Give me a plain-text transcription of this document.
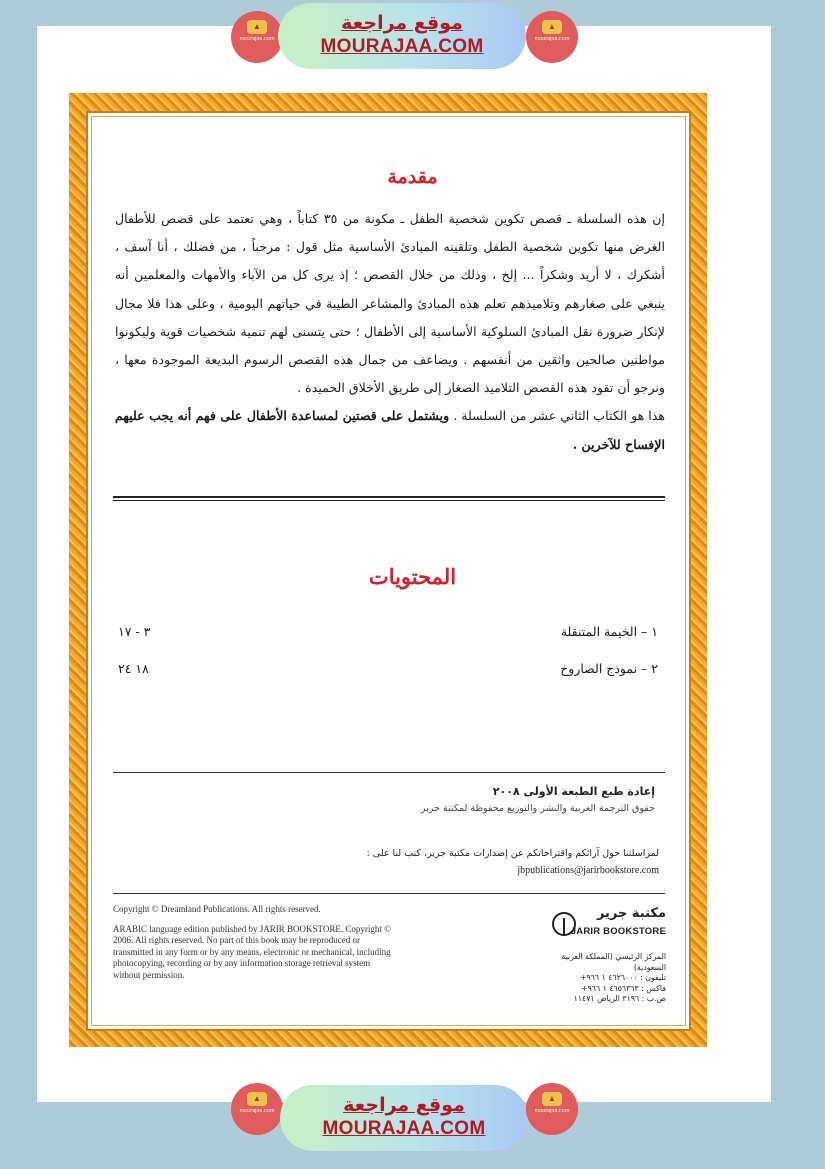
▲
mourajaa.com
موقع مراجعة
MOURAJAA.COM
▲
mourajaa.com
مقدمة

إن هذه السلسلة ـ قصص تكوين شخصية الطفل ـ مكونة من ٣٥ كتاباً ، وهي تعتمد على قصص للأطفال الغرض منها تكوين شخصية الطفل وتلقينه المبادئ الأساسية مثل قول : مرحباً ، من فضلك ، أنا آسف ، أشكرك ، لا أريد وشكراً ... إلخ ، وذلك من خلال القصص ؛ إذ يرى كل من الآباء والأمهات والمعلمين أنه ينبغي على صغارهم وتلاميذهم تعلم هذه المبادئ والمشاعر الطيبة في حياتهم اليومية ، وعلى هذا فلا مجال لإنكار ضرورة نقل المبادئ السلوكية الأساسية إلى الأطفال ؛ حتى يتسنى لهم تنمية شخصيات قوية وليكونوا مواطنين صالحين واثقين من أنفسهم . ويضاعف من جمال هذه القصص الرسوم البديعة الموجودة معها ، ونرجو أن تقود هذه القصص التلاميذ الصغار إلى طريق الأخلاق الحميدة .

هذا هو الكتاب الثاني عشر من السلسلة . ويشتمل على قصتين لمساعدة الأطفال على فهم أنه يجب عليهم الإفساح للآخرين .

المحتويات
١ – الخيمة المتنقلة
٣ - ١٧
٢ – نموذج الصاروخ
١٨ ٢٤
إعادة طبع الطبعة الأولى ٢٠٠٨
حقوق الترجمة العربية والنشر والتوزيع محفوظة لمكتبة جرير
لمراسلتنا حول آرائكم واقتراحاتكم عن إصدارات مكتبة جرير، كتب لنا على :
jbpublications@jarirbookstore.com
Copyright © Dreamland Publications. All rights reserved.
ARABIC language edition published by JARIR BOOKSTORE. Copyright © 2006. All rights reserved. No part of this book may be reproduced or transmitted in any form or by any means, electronic or mechanical, including photocopying, recording or by any information storage retrieval system without permission.
مكتبة جرير
JARIR BOOKSTORE
المركز الرئيسي (المملكة العربية السعودية)
تليفون : ٤٦٢٦٠٠٠ ١ ٩٦٦+
فاكس : ٤٦٥٦٣٦٣ ١ ٩٦٦+
ص.ب : ٣١٩٦ الرياض ١١٤٧١
▲
mourajaa.com	موقع مراجعة
MOURAJAA.COM
▲
mourajaa.com
